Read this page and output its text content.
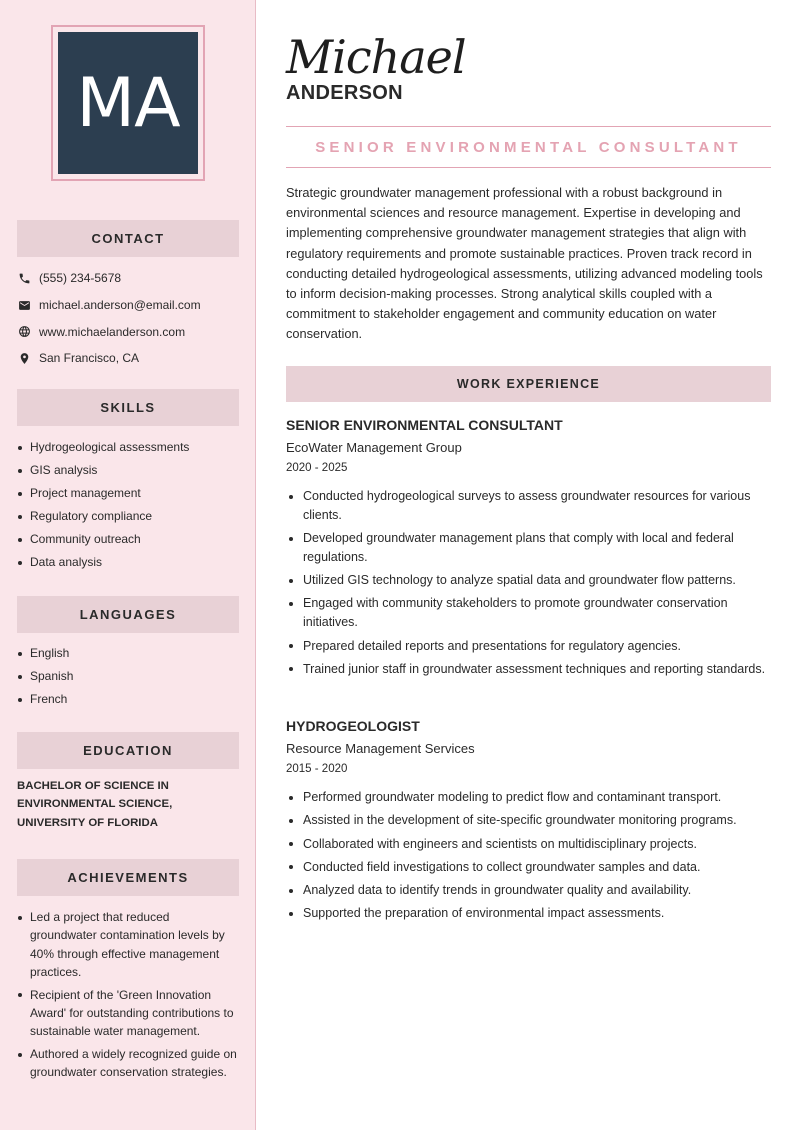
MA
CONTACT
(555) 234-5678
michael.anderson@email.com
www.michaelanderson.com
San Francisco, CA
SKILLS
Hydrogeological assessments
GIS analysis
Project management
Regulatory compliance
Community outreach
Data analysis
LANGUAGES
English
Spanish
French
EDUCATION
BACHELOR OF SCIENCE IN ENVIRONMENTAL SCIENCE, UNIVERSITY OF FLORIDA
ACHIEVEMENTS
Led a project that reduced groundwater contamination levels by 40% through effective management practices.
Recipient of the 'Green Innovation Award' for outstanding contributions to sustainable water management.
Authored a widely recognized guide on groundwater conservation strategies.
Michael
ANDERSON
SENIOR ENVIRONMENTAL CONSULTANT

Strategic groundwater management professional with a robust background in environmental sciences and resource management. Expertise in developing and implementing comprehensive groundwater management strategies that align with regulatory requirements and promote sustainable practices. Proven track record in conducting detailed hydrogeological assessments, utilizing advanced modeling tools to inform decision-making processes. Strong analytical skills coupled with a commitment to stakeholder engagement and community education on water conservation.

WORK EXPERIENCE
SENIOR ENVIRONMENTAL CONSULTANT
EcoWater Management Group
2020 - 2025
Conducted hydrogeological surveys to assess groundwater resources for various clients.
Developed groundwater management plans that comply with local and federal regulations.
Utilized GIS technology to analyze spatial data and groundwater flow patterns.
Engaged with community stakeholders to promote groundwater conservation initiatives.
Prepared detailed reports and presentations for regulatory agencies.
Trained junior staff in groundwater assessment techniques and reporting standards.
HYDROGEOLOGIST
Resource Management Services
2015 - 2020
Performed groundwater modeling to predict flow and contaminant transport.
Assisted in the development of site-specific groundwater monitoring programs.
Collaborated with engineers and scientists on multidisciplinary projects.
Conducted field investigations to collect groundwater samples and data.
Analyzed data to identify trends in groundwater quality and availability.
Supported the preparation of environmental impact assessments.
